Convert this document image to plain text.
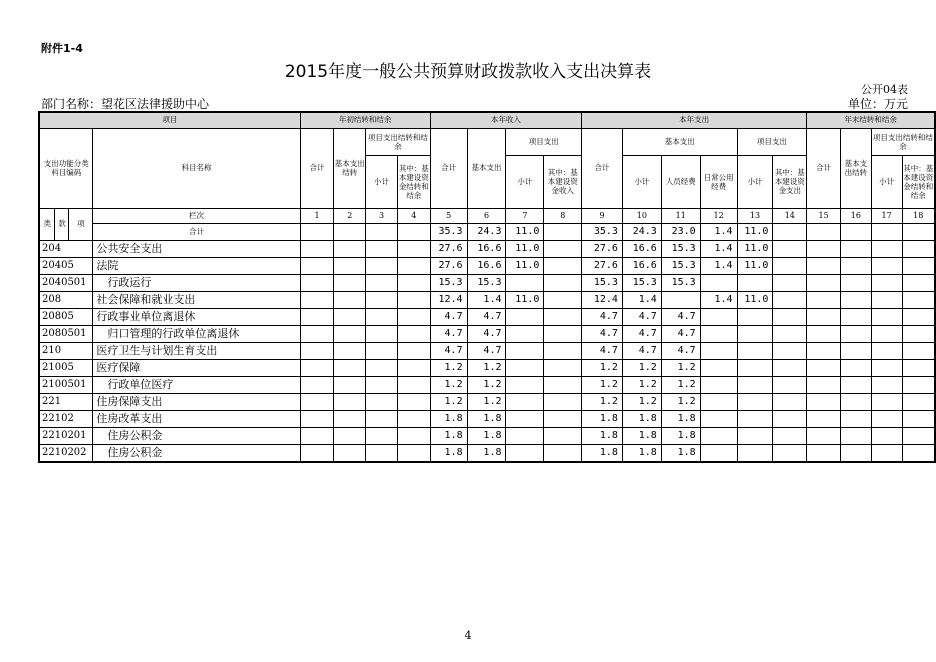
附件1-4
2015年度一般公共预算财政拨款收入支出决算表
公开04表
部门名称：望花区法律援助中心	单位：万元
项目				年初结转和结余				本年收入				本年支出						年末结转和结余			
支出功能分类科目编码			科目名称	合计	基本支出结转	项目支出结转和结余		合计	基本支出	项目支出		合计	基本支出			项目支出		合计	基本支出结转	项目支出结转和结余	
						小计	其中：基本建设资金结转和结余			小计	其中：基本建设资金收入		小计	人员经费	日常公用经费	小计	其中：基本建设资金支出			小计	其中：基本建设资金结转和结余
类	款	项	栏次	1	2	3	4	5	6	7	8	9	10	11	12	13	14	15	16	17	18
			合计					35.3	24.3	11.0		35.3	24.3	23.0	1.4	11.0					
204			公共安全支出					27.6	16.6	11.0		27.6	16.6	15.3	1.4	11.0					
20405			法院					27.6	16.6	11.0		27.6	16.6	15.3	1.4	11.0					
2040501			行政运行					15.3	15.3			15.3	15.3	15.3							
208			社会保障和就业支出					12.4	1.4	11.0		12.4	1.4		1.4	11.0					
20805			行政事业单位离退休					4.7	4.7			4.7	4.7	4.7							
2080501			归口管理的行政单位离退休					4.7	4.7			4.7	4.7	4.7							
210			医疗卫生与计划生育支出					4.7	4.7			4.7	4.7	4.7							
21005			医疗保障					1.2	1.2			1.2	1.2	1.2							
2100501			行政单位医疗					1.2	1.2			1.2	1.2	1.2							
221			住房保障支出					1.2	1.2			1.2	1.2	1.2							
22102			住房改革支出					1.8	1.8			1.8	1.8	1.8							
2210201			住房公积金					1.8	1.8			1.8	1.8	1.8							
2210202			住房公积金					1.8	1.8			1.8	1.8	1.8							
4
